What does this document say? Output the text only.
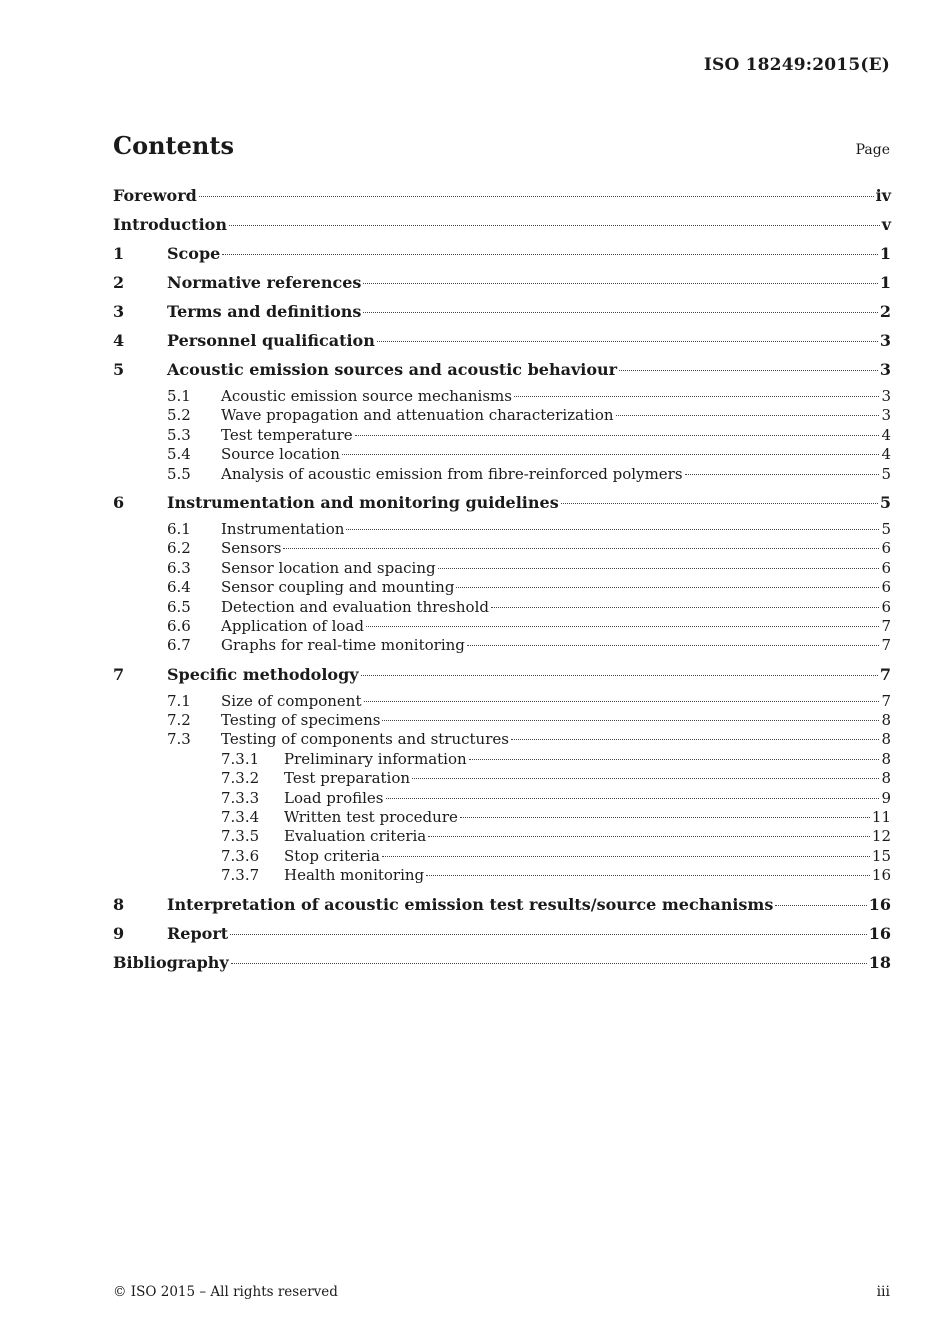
ISO 18249:2015(E)
Contents	Page
Foreword	iv
Introduction	v
1	Scope	1
2	Normative references	1
3	Terms and definitions	2
4	Personnel qualification	3
5	Acoustic emission sources and acoustic behaviour	3
5.1	Acoustic emission source mechanisms	3
5.2	Wave propagation and attenuation characterization	3
5.3	Test temperature	4
5.4	Source location	4
5.5	Analysis of acoustic emission from fibre-reinforced polymers	5
6	Instrumentation and monitoring guidelines	5
6.1	Instrumentation	5
6.2	Sensors	6
6.3	Sensor location and spacing	6
6.4	Sensor coupling and mounting	6
6.5	Detection and evaluation threshold	6
6.6	Application of load	7
6.7	Graphs for real-time monitoring	7
7	Specific methodology	7
7.1	Size of component	7
7.2	Testing of specimens	8
7.3	Testing of components and structures	8
7.3.1	Preliminary information	8
7.3.2	Test preparation	8
7.3.3	Load profiles	9
7.3.4	Written test procedure	11
7.3.5	Evaluation criteria	12
7.3.6	Stop criteria	15
7.3.7	Health monitoring	16
8	Interpretation of acoustic emission test results/source mechanisms	16
9	Report	16
Bibliography	18
© ISO 2015 – All rights reserved	iii
